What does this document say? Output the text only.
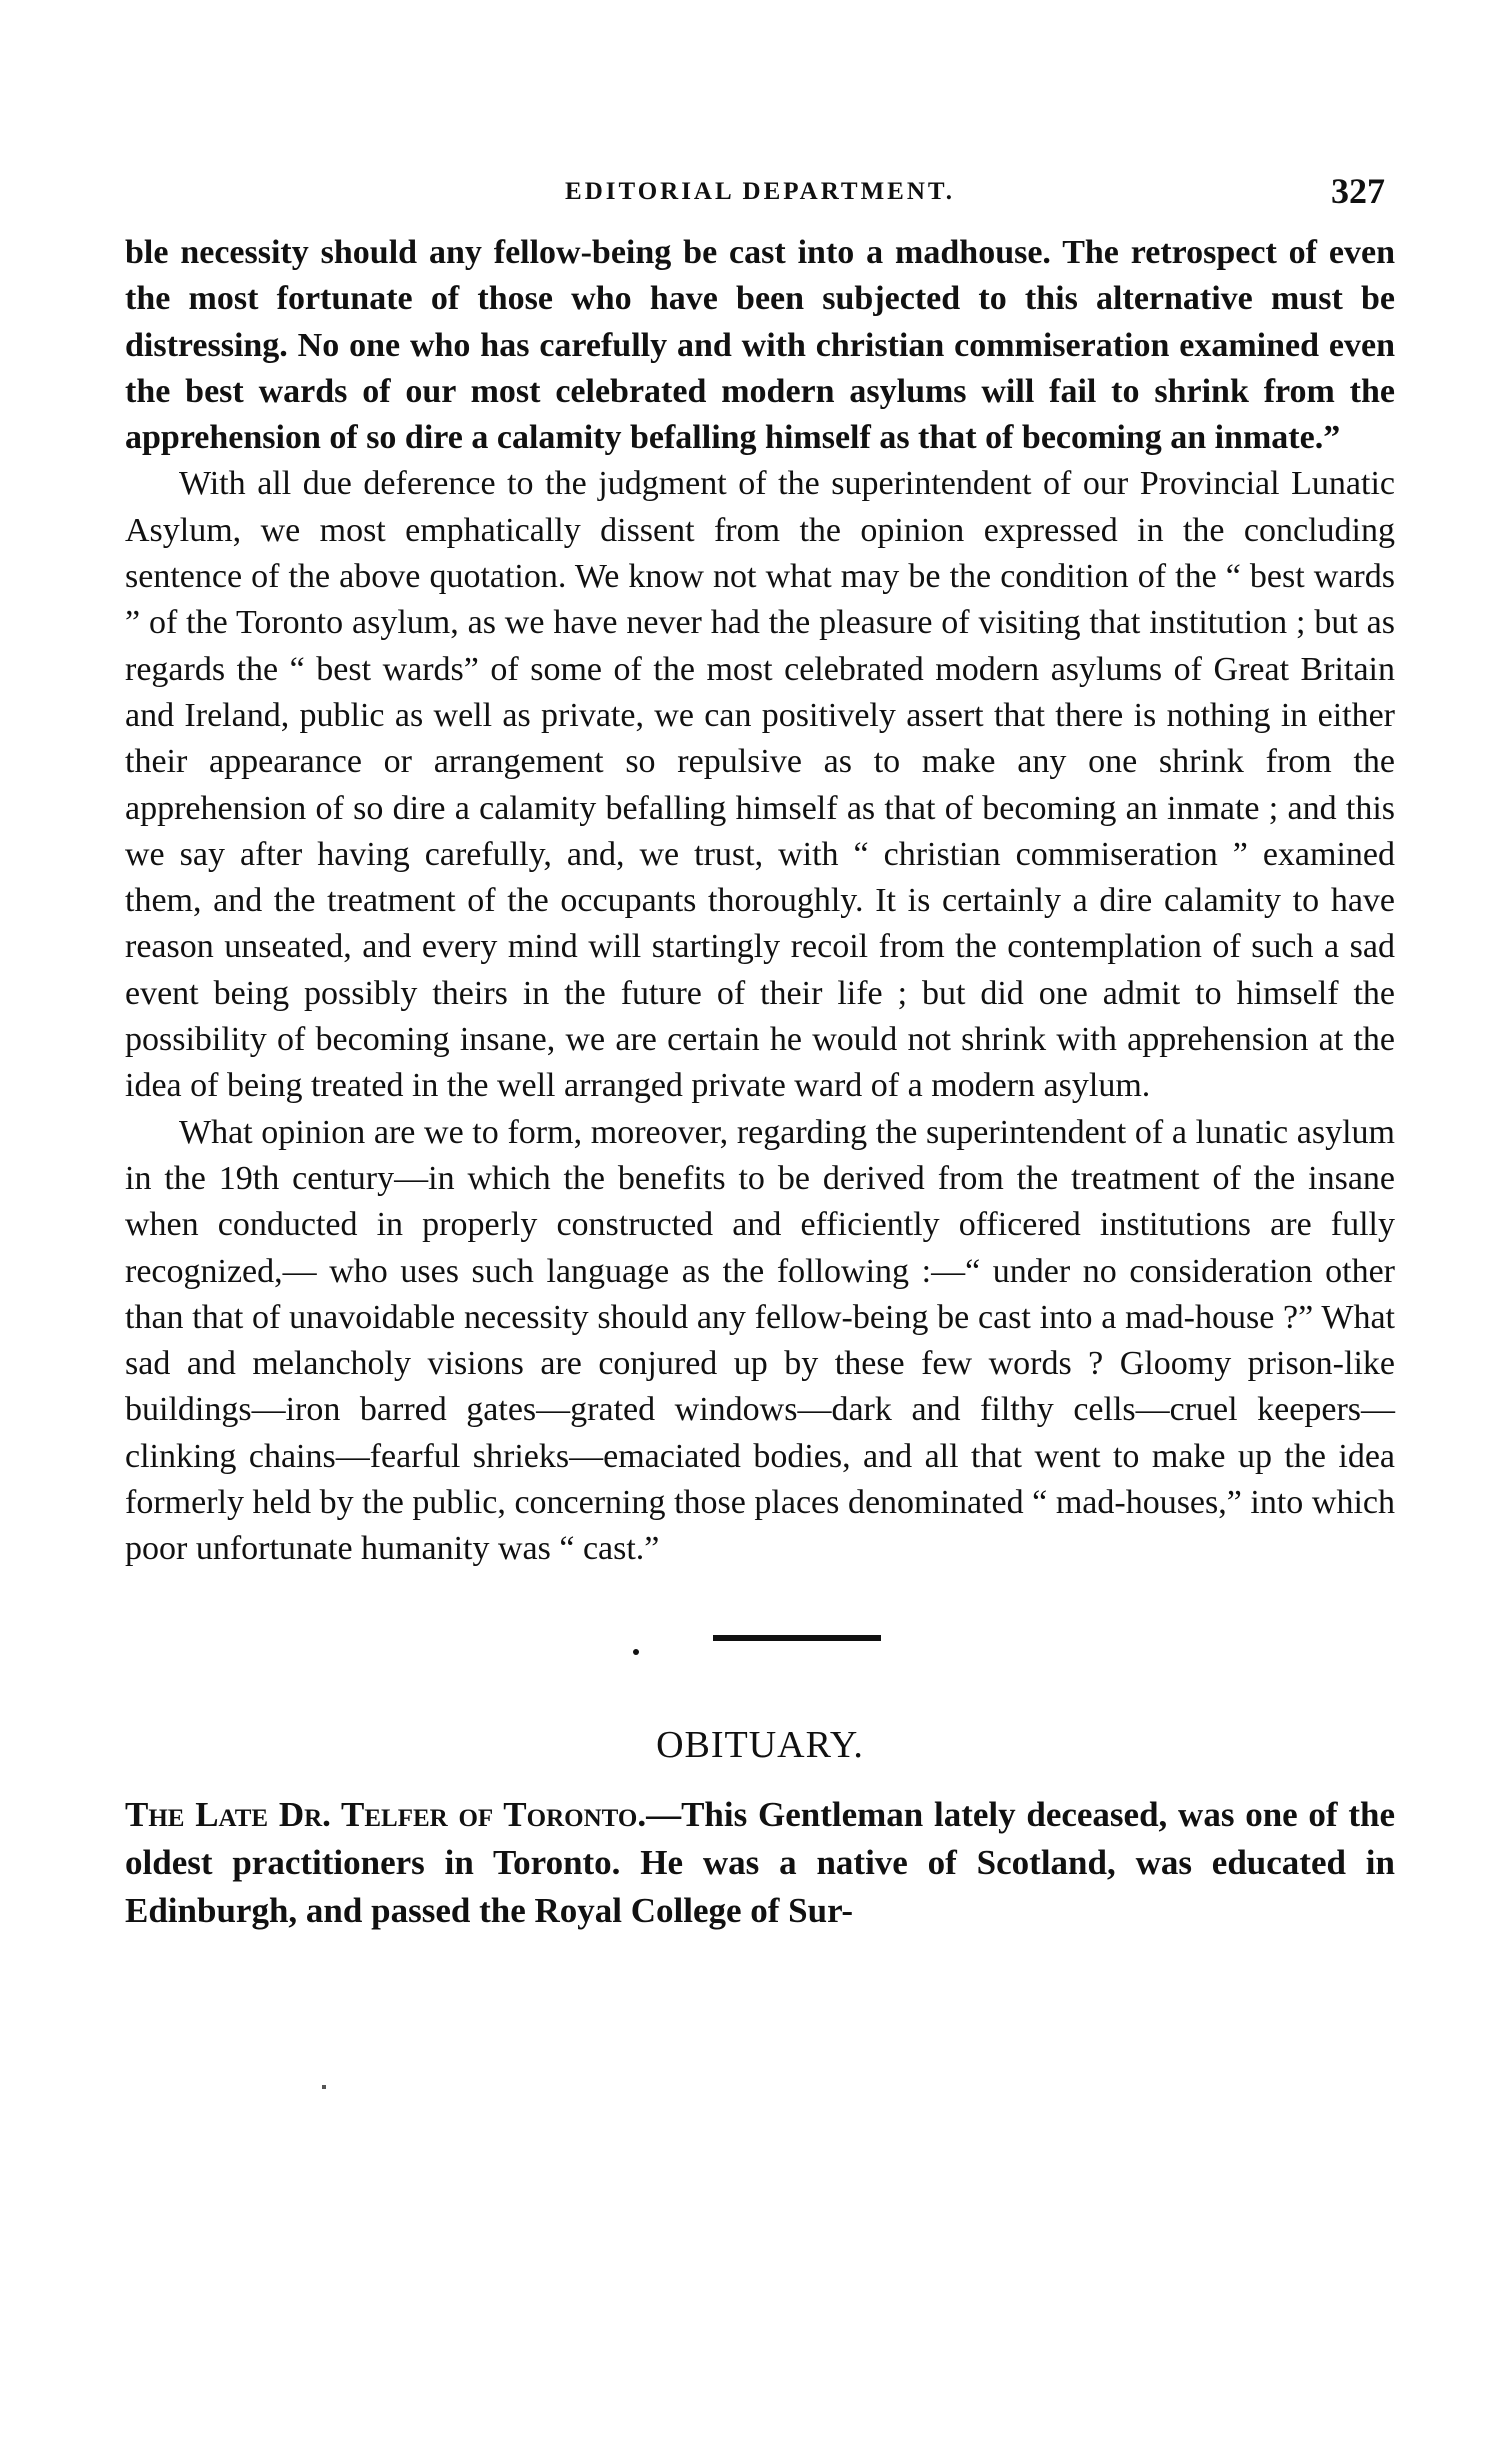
EDITORIAL DEPARTMENT.	327

ble necessity should any fellow-being be cast into a madhouse. The retrospect of even the most fortunate of those who have been subjected to this alternative must be distressing. No one who has carefully and with christian commiseration examined even the best wards of our most celebrated modern asylums will fail to shrink from the apprehension of so dire a calamity befalling himself as that of becoming an inmate.”

With all due deference to the judgment of the superintendent of our Provincial Lunatic Asylum, we most emphatically dissent from the opinion expressed in the concluding sentence of the above quotation. We know not what may be the condition of the “ best wards ” of the Toronto asylum, as we have never had the pleasure of visiting that institution ; but as regards the “ best wards” of some of the most celebrated modern asylums of Great Britain and Ireland, public as well as private, we can positively assert that there is nothing in either their appearance or arrangement so repulsive as to make any one shrink from the apprehension of so dire a calamity befalling himself as that of becoming an inmate ; and this we say after having carefully, and, we trust, with “ christian commiseration ” examined them, and the treatment of the occupants thoroughly. It is certainly a dire calamity to have reason unseated, and every mind will startingly recoil from the contemplation of such a sad event being possibly theirs in the future of their life ; but did one admit to himself the possibility of becoming insane, we are certain he would not shrink with apprehension at the idea of being treated in the well arranged private ward of a modern asylum.

What opinion are we to form, moreover, regarding the superintendent of a lunatic asylum in the 19th century—in which the benefits to be derived from the treatment of the insane when conducted in properly constructed and efficiently officered institutions are fully recognized,— who uses such language as the following :—“ under no consideration other than that of unavoidable necessity should any fellow-being be cast into a mad-house ?” What sad and melancholy visions are conjured up by these few words ? Gloomy prison-like buildings—iron barred gates—grated windows—dark and filthy cells—cruel keepers—clinking chains—fearful shrieks—emaciated bodies, and all that went to make up the idea formerly held by the public, concerning those places denominated “ mad-houses,” into which poor unfortunate humanity was “ cast.”

OBITUARY.

The Late Dr. Telfer of Toronto.—This Gentleman lately deceased, was one of the oldest practitioners in Toronto. He was a native of Scotland, was educated in Edinburgh, and passed the Royal College of Sur-
